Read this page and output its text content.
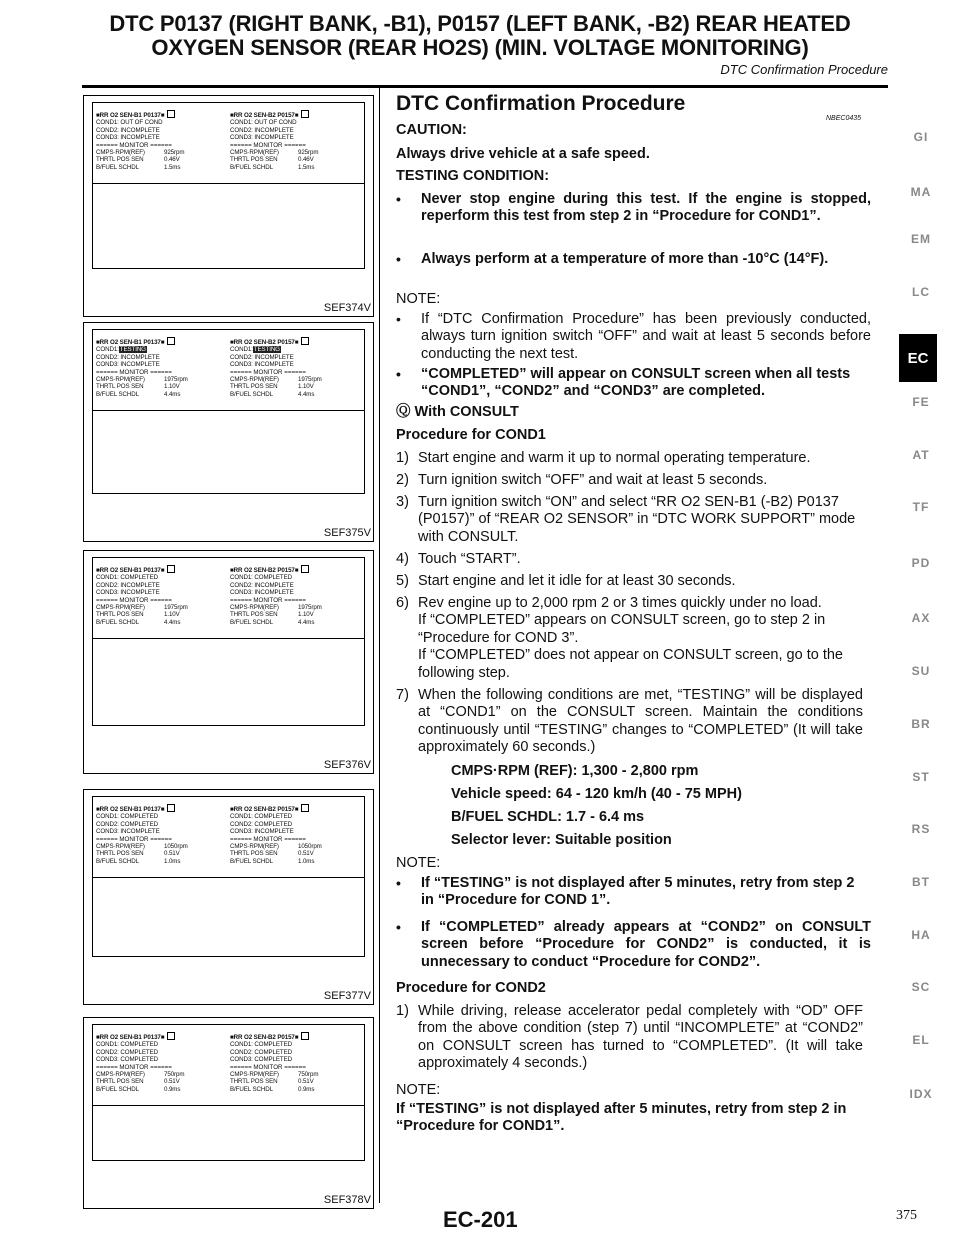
DTC P0137 (RIGHT BANK, -B1), P0157 (LEFT BANK, -B2) REAR HEATED
OXYGEN SENSOR (REAR HO2S) (MIN. VOLTAGE MONITORING)
DTC Confirmation Procedure
■RR O2 SEN-B1 P0137■
COND1: OUT OF COND
COND2: INCOMPLETE
COND3: INCOMPLETE
====== MONITOR ======
CMPS·RPM(REF)	925rpm
THRTL POS SEN	0.46V
B/FUEL SCHDL	1.5ms
■RR O2 SEN-B2 P0157■
COND1: OUT OF COND
COND2: INCOMPLETE
COND3: INCOMPLETE
====== MONITOR ======
CMPS·RPM(REF)	925rpm
THRTL POS SEN	0.46V
B/FUEL SCHDL	1.5ms
SEF374V
■RR O2 SEN-B1 P0137■
COND1:TESTING
COND2: INCOMPLETE
COND3: INCOMPLETE
====== MONITOR ======
CMPS·RPM(REF)	1975rpm
THRTL POS SEN	1.10V
B/FUEL SCHDL	4.4ms
■RR O2 SEN-B2 P0157■
COND1:TESTING
COND2: INCOMPLETE
COND3: INCOMPLETE
====== MONITOR ======
CMPS·RPM(REF)	1975rpm
THRTL POS SEN	1.10V
B/FUEL SCHDL	4.4ms
SEF375V
■RR O2 SEN-B1 P0137■
COND1: COMPLETED
COND2: INCOMPLETE
COND3: INCOMPLETE
====== MONITOR ======
CMPS·RPM(REF)	1975rpm
THRTL POS SEN	1.10V
B/FUEL SCHDL	4.4ms
■RR O2 SEN-B2 P0157■
COND1: COMPLETED
COND2: INCOMPLETE
COND3: INCOMPLETE
====== MONITOR ======
CMPS·RPM(REF)	1975rpm
THRTL POS SEN	1.10V
B/FUEL SCHDL	4.4ms
SEF376V
■RR O2 SEN-B1 P0137■
COND1: COMPLETED
COND2: COMPLETED
COND3: INCOMPLETE
====== MONITOR ======
CMPS·RPM(REF)	1050rpm
THRTL POS SEN	0.51V
B/FUEL SCHDL	1.0ms
■RR O2 SEN-B2 P0157■
COND1: COMPLETED
COND2: COMPLETED
COND3: INCOMPLETE
====== MONITOR ======
CMPS·RPM(REF)	1050rpm
THRTL POS SEN	0.51V
B/FUEL SCHDL	1.0ms
SEF377V
■RR O2 SEN-B1 P0137■
COND1: COMPLETED
COND2: COMPLETED
COND3: COMPLETED
====== MONITOR ======
CMPS·RPM(REF)	750rpm
THRTL POS SEN	0.51V
B/FUEL SCHDL	0.9ms
■RR O2 SEN-B2 P0157■
COND1: COMPLETED
COND2: COMPLETED
COND3: COMPLETED
====== MONITOR ======
CMPS·RPM(REF)	750rpm
THRTL POS SEN	0.51V
B/FUEL SCHDL	0.9ms
SEF378V
DTC Confirmation Procedure
NBEC0435
CAUTION:
Always drive vehicle at a safe speed.
TESTING CONDITION:
•	Never stop engine during this test. If the engine is stopped, reperform this test from step 2 in “Procedure for COND1”.
•	Always perform at a temperature of more than -10°C (14°F).
NOTE:
•	If “DTC Confirmation Procedure” has been previously conducted, always turn ignition switch “OFF” and wait at least 5 seconds before conducting the next test.
•	“COMPLETED” will appear on CONSULT screen when all tests “COND1”, “COND2” and “COND3” are completed.
Ⓠ With CONSULT
Procedure for COND1
1) Start engine and warm it up to normal operating temperature.
2) Turn ignition switch “OFF” and wait at least 5 seconds.
3) Turn ignition switch “ON” and select “RR O2 SEN-B1 (-B2) P0137 (P0157)” of “REAR O2 SENSOR” in “DTC WORK SUPPORT” mode with CONSULT.
4) Touch “START”.
5) Start engine and let it idle for at least 30 seconds.
6) Rev engine up to 2,000 rpm 2 or 3 times quickly under no load.
If “COMPLETED” appears on CONSULT screen, go to step 2 in “Procedure for COND 3”.
If “COMPLETED” does not appear on CONSULT screen, go to the following step.
7) When the following conditions are met, “TESTING” will be displayed at “COND1” on the CONSULT screen. Maintain the conditions continuously until “TESTING” changes to “COMPLETED” (It will take approximately 60 seconds.)
CMPS·RPM (REF): 1,300 - 2,800 rpm
Vehicle speed: 64 - 120 km/h (40 - 75 MPH)
B/FUEL SCHDL: 1.7 - 6.4 ms
Selector lever: Suitable position
NOTE:
•	If “TESTING” is not displayed after 5 minutes, retry from step 2 in “Procedure for COND 1”.
•	If “COMPLETED” already appears at “COND2” on CONSULT screen before “Procedure for COND2” is conducted, it is unnecessary to conduct “Procedure for COND2”.
Procedure for COND2
1) While driving, release accelerator pedal completely with “OD” OFF from the above condition (step 7) until “INCOMPLETE” at “COND2” on CONSULT screen has turned to “COMPLETED”. (It will take approximately 4 seconds.)
NOTE:
If “TESTING” is not displayed after 5 minutes, retry from step 2 in “Procedure for COND1”.
GI
MA
EM
LC
EC
FE
AT
TF
PD
AX
SU
BR
ST
RS
BT
HA
SC
EL
IDX
EC-201	375
